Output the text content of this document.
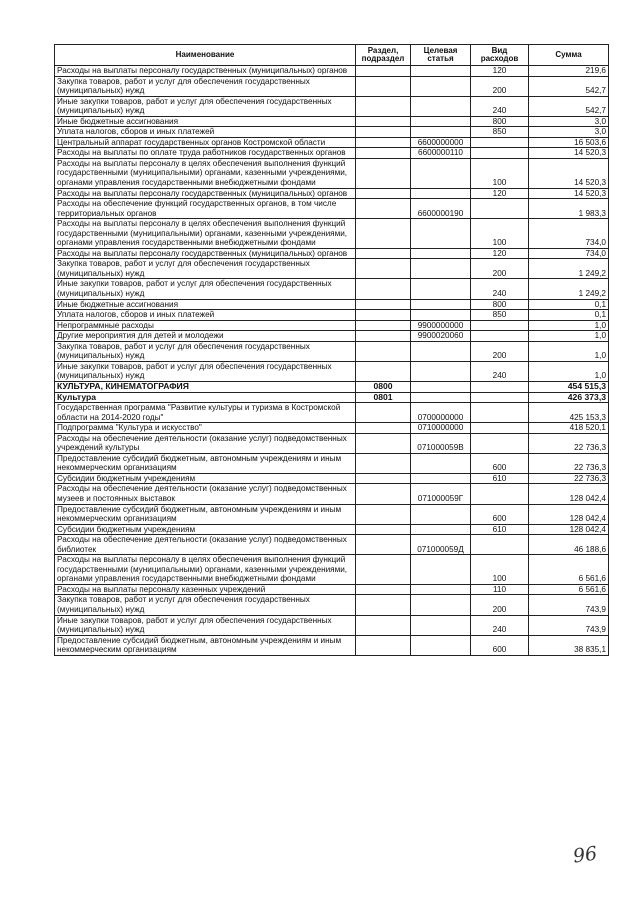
Наименование	Раздел, подраздел	Целевая статья	Вид расходов	Сумма
Расходы на выплаты персоналу государственных (муниципальных) органов			120	219,6
Закупка товаров, работ и услуг для обеспечения государственных (муниципальных) нужд			200	542,7
Иные закупки товаров, работ и услуг для обеспечения государственных (муниципальных) нужд			240	542,7
Иные бюджетные ассигнования			800	3,0
Уплата налогов, сборов и иных платежей			850	3,0
Центральный аппарат государственных органов Костромской области		6600000000		16 503,6
Расходы на выплаты по оплате труда работников государственных органов		6600000110		14 520,3
Расходы на выплаты персоналу в целях обеспечения выполнения функций государственными (муниципальными) органами, казенными учреждениями, органами управления государственными внебюджетными фондами			100	14 520,3
Расходы на выплаты персоналу государственных (муниципальных) органов			120	14 520,3
Расходы на обеспечение функций государственных органов, в том числе территориальных органов		6600000190		1 983,3
Расходы на выплаты персоналу в целях обеспечения выполнения функций государственными (муниципальными) органами, казенными учреждениями, органами управления государственными внебюджетными фондами			100	734,0
Расходы на выплаты персоналу государственных (муниципальных) органов			120	734,0
Закупка товаров, работ и услуг для обеспечения государственных (муниципальных) нужд			200	1 249,2
Иные закупки товаров, работ и услуг для обеспечения государственных (муниципальных) нужд			240	1 249,2
Иные бюджетные ассигнования			800	0,1
Уплата налогов, сборов и иных платежей			850	0,1
Непрограммные расходы		9900000000		1,0
Другие мероприятия для детей и молодежи		9900020060		1,0
Закупка товаров, работ и услуг для обеспечения государственных (муниципальных) нужд			200	1,0
Иные закупки товаров, работ и услуг для обеспечения государственных (муниципальных) нужд			240	1,0
КУЛЬТУРА, КИНЕМАТОГРАФИЯ	0800			454 515,3
Культура	0801			426 373,3
Государственная программа "Развитие культуры и туризма в Костромской области на 2014-2020 годы"		0700000000		425 153,3
Подпрограмма "Культура и искусство"		0710000000		418 520,1
Расходы на обеспечение деятельности (оказание услуг) подведомственных учреждений культуры		071000059В		22 736,3
Предоставление субсидий бюджетным, автономным учреждениям и иным некоммерческим организациям			600	22 736,3
Субсидии бюджетным учреждениям			610	22 736,3
Расходы на обеспечение деятельности (оказание услуг) подведомственных музеев и постоянных выставок		071000059Г		128 042,4
Предоставление субсидий бюджетным, автономным учреждениям и иным некоммерческим организациям			600	128 042,4
Субсидии бюджетным учреждениям			610	128 042,4
Расходы на обеспечение деятельности (оказание услуг) подведомственных библиотек		071000059Д		46 188,6
Расходы на выплаты персоналу в целях обеспечения выполнения функций государственными (муниципальными) органами, казенными учреждениями, органами управления государственными внебюджетными фондами			100	6 561,6
Расходы на выплаты персоналу казенных учреждений			110	6 561,6
Закупка товаров, работ и услуг для обеспечения государственных (муниципальных) нужд			200	743,9
Иные закупки товаров, работ и услуг для обеспечения государственных (муниципальных) нужд			240	743,9
Предоставление субсидий бюджетным, автономным учреждениям и иным некоммерческим организациям			600	38 835,1
96
